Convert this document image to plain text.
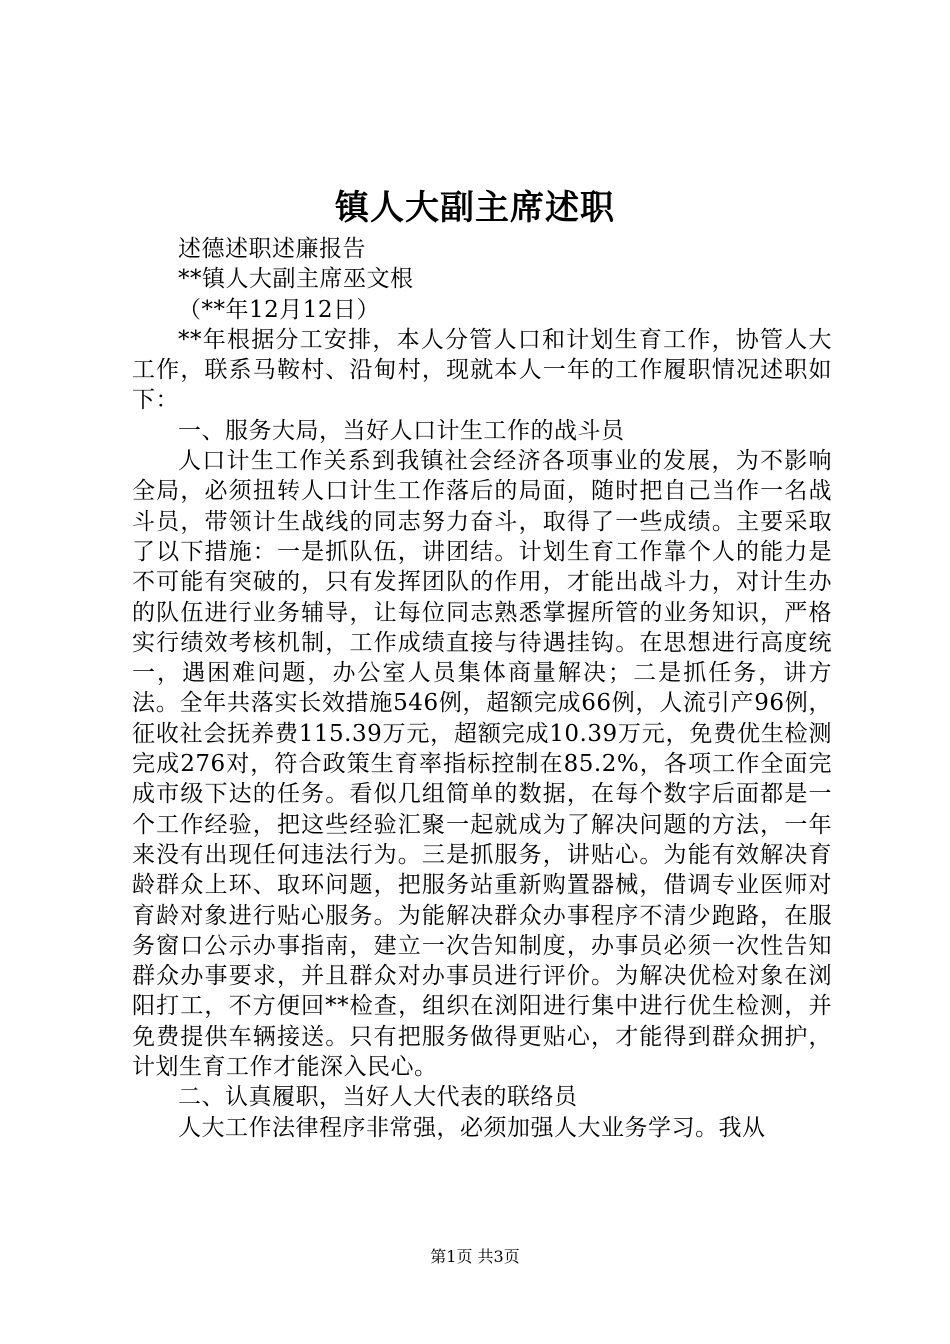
镇人大副主席述职

述德述职述廉报告

**镇人大副主席巫文根

（**年12月12日）

**年根据分工安排，本人分管人口和计划生育工作，协管人大工作，联系马鞍村、沿甸村，现就本人一年的工作履职情况述职如下：

一、服务大局，当好人口计生工作的战斗员

人口计生工作关系到我镇社会经济各项事业的发展，为不影响全局，必须扭转人口计生工作落后的局面，随时把自己当作一名战斗员，带领计生战线的同志努力奋斗，取得了一些成绩。主要采取了以下措施：一是抓队伍，讲团结。计划生育工作靠个人的能力是不可能有突破的，只有发挥团队的作用，才能出战斗力，对计生办的队伍进行业务辅导，让每位同志熟悉掌握所管的业务知识，严格实行绩效考核机制，工作成绩直接与待遇挂钩。在思想进行高度统一，遇困难问题，办公室人员集体商量解决；二是抓任务，讲方法。全年共落实长效措施546例，超额完成66例，人流引产96例，征收社会抚养费115.39万元，超额完成10.39万元，免费优生检测完成276对，符合政策生育率指标控制在85.2%，各项工作全面完成市级下达的任务。看似几组简单的数据，在每个数字后面都是一个工作经验，把这些经验汇聚一起就成为了解决问题的方法，一年来没有出现任何违法行为。三是抓服务，讲贴心。为能有效解决育龄群众上环、取环问题，把服务站重新购置器械，借调专业医师对育龄对象进行贴心服务。为能解决群众办事程序不清少跑路，在服务窗口公示办事指南，建立一次告知制度，办事员必须一次性告知群众办事要求，并且群众对办事员进行评价。为解决优检对象在浏阳打工，不方便回**检查，组织在浏阳进行集中进行优生检测，并免费提供车辆接送。只有把服务做得更贴心，才能得到群众拥护，计划生育工作才能深入民心。

二、认真履职，当好人大代表的联络员

人大工作法律程序非常强，必须加强人大业务学习。我从

第1页 共3页
